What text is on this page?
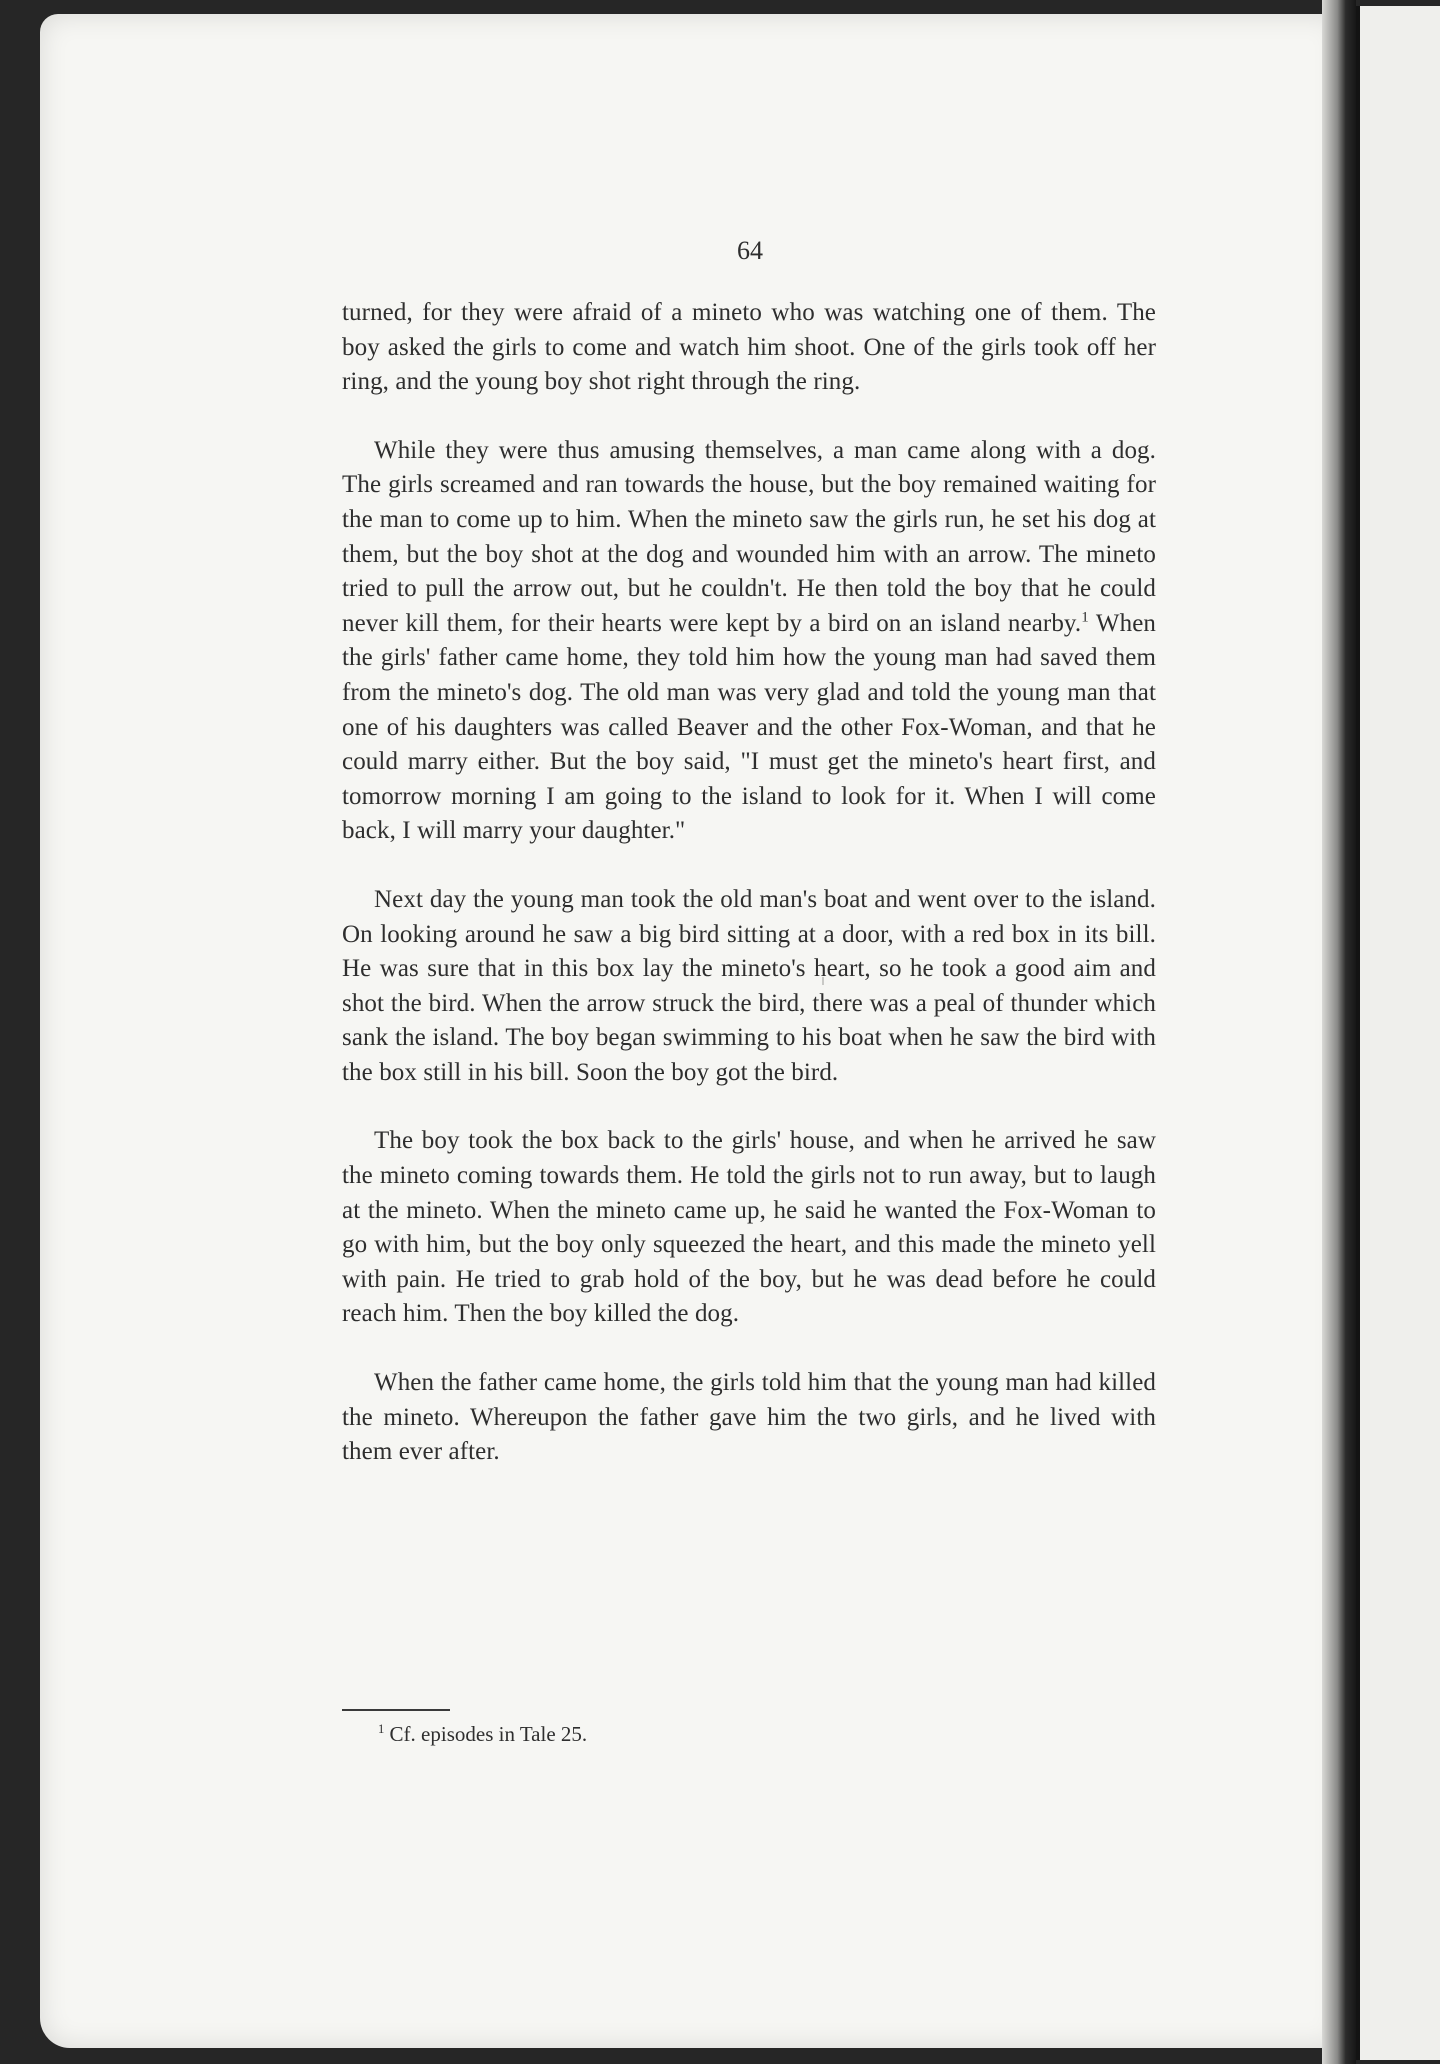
64

turned, for they were afraid of a mineto who was watching one of them. The boy asked the girls to come and watch him shoot. One of the girls took off her ring, and the young boy shot right through the ring.

While they were thus amusing themselves, a man came along with a dog. The girls screamed and ran towards the house, but the boy remained waiting for the man to come up to him. When the mineto saw the girls run, he set his dog at them, but the boy shot at the dog and wounded him with an arrow. The mineto tried to pull the arrow out, but he couldn't. He then told the boy that he could never kill them, for their hearts were kept by a bird on an island nearby.$^1$ When the girls' father came home, they told him how the young man had saved them from the mineto's dog. The old man was very glad and told the young man that one of his daughters was called Beaver and the other Fox-Woman, and that he could marry either. But the boy said, "I must get the mineto's heart first, and tomorrow morning I am going to the island to look for it. When I will come back, I will marry your daughter."

Next day the young man took the old man's boat and went over to the island. On looking around he saw a big bird sitting at a door, with a red box in its bill. He was sure that in this box lay the mineto's heart, so he took a good aim and shot the bird. When the arrow struck the bird, there was a peal of thunder which sank the island. The boy began swimming to his boat when he saw the bird with the box still in his bill. Soon the boy got the bird.

The boy took the box back to the girls' house, and when he arrived he saw the mineto coming towards them. He told the girls not to run away, but to laugh at the mineto. When the mineto came up, he said he wanted the Fox-Woman to go with him, but the boy only squeezed the heart, and this made the mineto yell with pain. He tried to grab hold of the boy, but he was dead before he could reach him. Then the boy killed the dog.

When the father came home, the girls told him that the young man had killed the mineto. Whereupon the father gave him the two girls, and he lived with them ever after.

$^1$ Cf. episodes in Tale 25.
